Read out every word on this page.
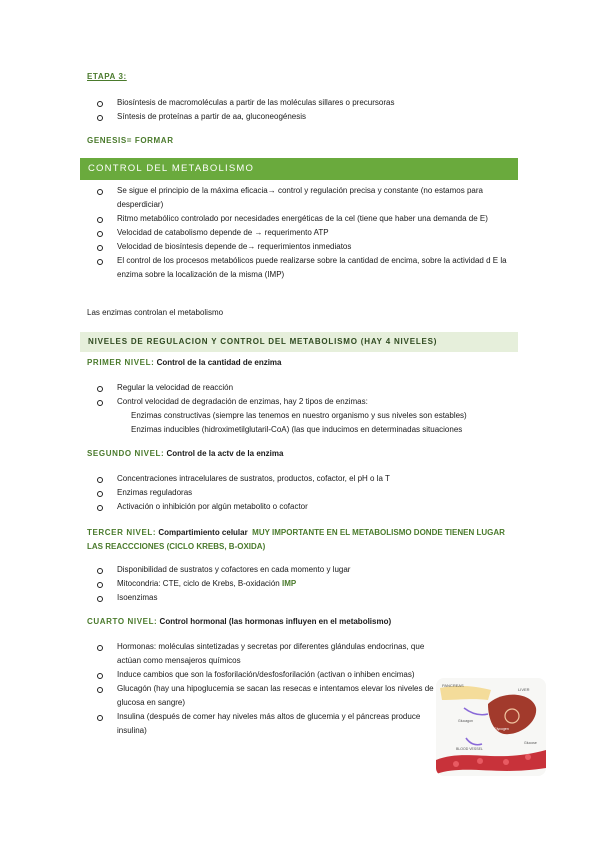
ETAPA 3:
Biosíntesis de macromoléculas a partir de las moléculas sillares o precursoras
Síntesis de proteínas a partir de aa, gluconeogénesis
GENESIS= FORMAR
CONTROL DEL METABOLISMO
Se sigue el principio de la máxima eficacia→ control y regulación precisa y constante (no estamos para desperdiciar)
Ritmo metabólico controlado por necesidades energéticas de la cel (tiene que haber una demanda de E)
Velocidad de catabolismo depende de → requerimento ATP
Velocidad de biosíntesis depende de→ requerimientos inmediatos
El control de los procesos metabólicos puede realizarse sobre la cantidad de encima, sobre la actividad d E la enzima sobre la localización de la misma (IMP)
Las enzimas controlan el metabolismo
NIVELES DE REGULACION Y CONTROL DEL METABOLISMO (HAY 4 NIVELES)
PRIMER NIVEL: Control de la cantidad de enzima
Regular la velocidad de reacción
Control velocidad de degradación de enzimas, hay 2 tipos de enzimas:
Enzimas constructivas (siempre las tenemos en nuestro organismo y sus niveles son estables)
Enzimas inducibles (hidroximetilglutaril-CoA) (las que inducimos en determinadas situaciones
SEGUNDO NIVEL: Control de la actv de la enzima
Concentraciones intracelulares de sustratos, productos, cofactor, el pH o la T
Enzimas reguladoras
Activación o inhibición por algún metabolito o cofactor
TERCER NIVEL: Compartimiento celular MUY IMPORTANTE EN EL METABOLISMO DONDE TIENEN LUGAR LAS REACCCIONES (CICLO KREBS, B-OXIDA)
Disponibilidad de sustratos y cofactores en cada momento y lugar
Mitocondria: CTE, ciclo de Krebs, B-oxidación IMP
Isoenzimas
CUARTO NIVEL: Control hormonal (las hormonas influyen en el metabolismo)
Hormonas: moléculas sintetizadas y secretas por diferentes glándulas endocrinas, que actúan como mensajeros químicos
Induce cambios que son la fosforilación/desfosforilación (activan o inhiben encimas)
Glucagón (hay una hipoglucemia se sacan las resecas e intentamos elevar los niveles de glucosa en sangre)
Insulina (después de comer hay niveles más altos de glucemia y el páncreas produce insulina)
PANCREAS
LIVER
Glucagon
Glycogen
Glucose
BLOOD VESSEL
